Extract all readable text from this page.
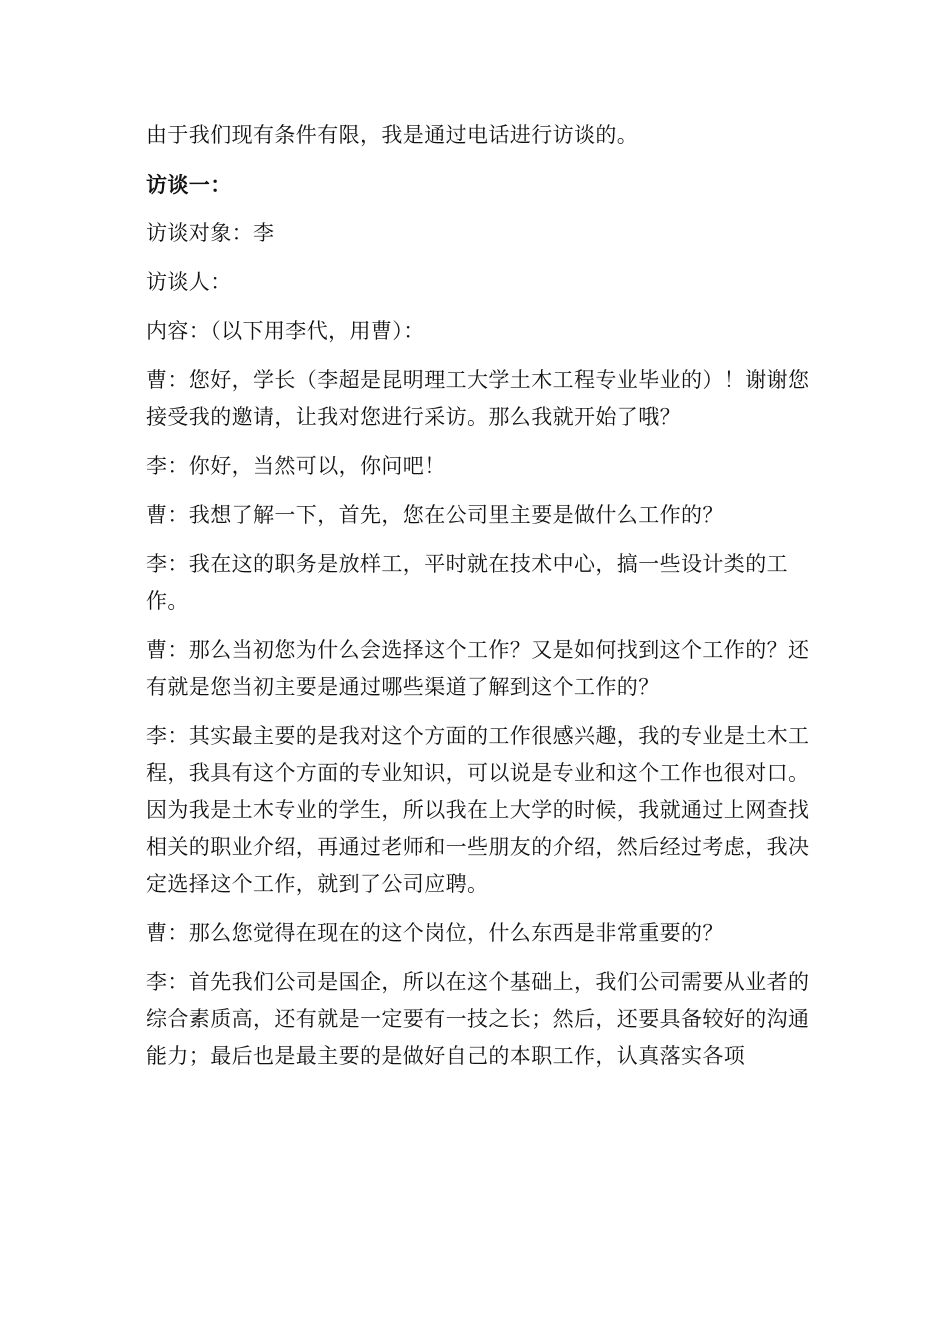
由于我们现有条件有限，我是通过电话进行访谈的。

访谈一：

访谈对象：李

访谈人：

内容：（以下用李代，用曹）：

曹：您好，学长（李超是昆明理工大学土木工程专业毕业的）！谢谢您接受我的邀请，让我对您进行采访。那么我就开始了哦？

李：你好，当然可以，你问吧！

曹：我想了解一下，首先，您在公司里主要是做什么工作的？

李：我在这的职务是放样工，平时就在技术中心，搞一些设计类的工作。

曹：那么当初您为什么会选择这个工作？又是如何找到这个工作的？还有就是您当初主要是通过哪些渠道了解到这个工作的？

李：其实最主要的是我对这个方面的工作很感兴趣，我的专业是土木工程，我具有这个方面的专业知识，可以说是专业和这个工作也很对口。因为我是土木专业的学生，所以我在上大学的时候，我就通过上网查找相关的职业介绍，再通过老师和一些朋友的介绍，然后经过考虑，我决定选择这个工作，就到了公司应聘。

曹：那么您觉得在现在的这个岗位，什么东西是非常重要的？

李：首先我们公司是国企，所以在这个基础上，我们公司需要从业者的综合素质高，还有就是一定要有一技之长；然后，还要具备较好的沟通能力；最后也是最主要的是做好自己的本职工作，认真落实各项
